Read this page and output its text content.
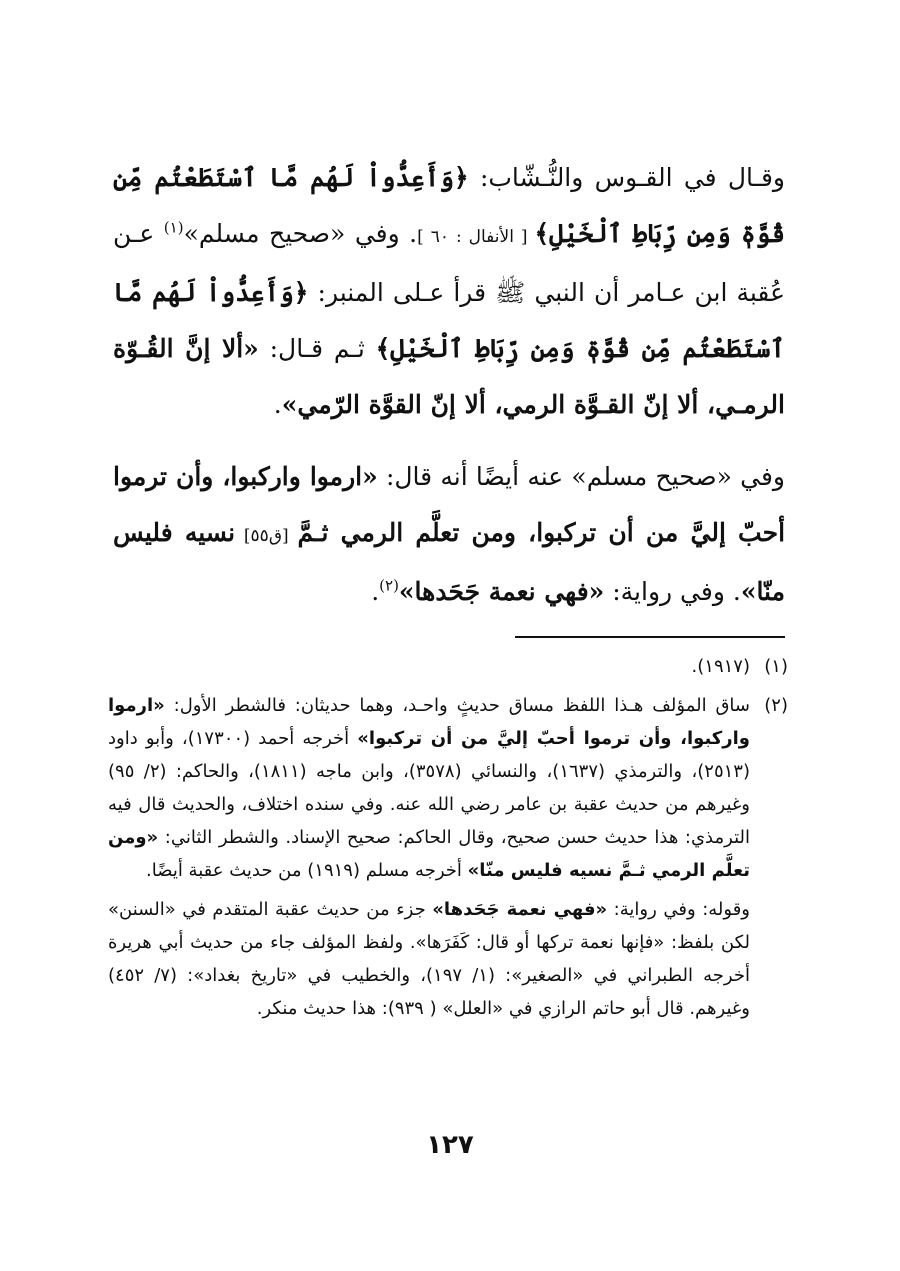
وقـال في القـوس والنُّـشّاب: ﴿وَأَعِدُّواْ لَهُم مَّا ٱسْتَطَعْتُم مِّن قُوَّةٖ وَمِن رِّبَاطِ ٱلْخَيْلِ﴾ [ الأنفال : ٦٠ ]. وفي «صحيح مسلم»$^{(١)}$ عـن عُقبة ابن عـامر أن النبي ﷺ قرأ عـلى المنبر: ﴿وَأَعِدُّواْ لَهُم مَّا ٱسْتَطَعْتُم مِّن قُوَّةٖ وَمِن رِّبَاطِ ٱلْخَيْلِ﴾ ثـم قـال: «ألا إنَّ القُـوّة الرمـي، ألا إنّ القـوَّة الرمي، ألا إنّ القوَّة الرّمي».

وفي «صحيح مسلم» عنه أيضًا أنه قال: «ارموا واركبوا، وأن ترموا أحبّ إليَّ من أن تركبوا، ومن تعلَّم الرمي ثـمَّ [ق٥٥] نسيه فليس منّا». وفي رواية: «فهي نعمة جَحَدها»$^{(٢)}$.

(١)
(١٩١٧).
(٢)

ساق المؤلف هـذا اللفظ مساق حديثٍ واحـد، وهما حديثان: فالشطر الأول: «ارموا واركبوا، وأن ترموا أحبّ إليَّ من أن تركبوا» أخرجه أحمد (١٧٣٠٠)، وأبو داود (٢٥١٣)، والترمذي (١٦٣٧)، والنسائي (٣٥٧٨)، وابن ماجه (١٨١١)، والحاكم: (٢/ ٩٥) وغيرهم من حديث عقبة بن عامر رضي الله عنه. وفي سنده اختلاف، والحديث قال فيه الترمذي: هذا حديث حسن صحيح، وقال الحاكم: صحيح الإسناد. والشطر الثاني: «ومن تعلَّم الرمي ثـمَّ نسيه فليس منّا» أخرجه مسلم (١٩١٩) من حديث عقبة أيضًا.

وقوله: وفي رواية: «فهي نعمة جَحَدها» جزء من حديث عقبة المتقدم في «السنن» لكن بلفظ: «فإنها نعمة تركها أو قال: كَفَرَها». ولفظ المؤلف جاء من حديث أبي هريرة أخرجه الطبراني في «الصغير»: (١/ ١٩٧)، والخطيب في «تاريخ بغداد»: (٧/ ٤٥٢) وغيرهم. قال أبو حاتم الرازي في «العلل» ( ٩٣٩): هذا حديث منكر.

١٢٧
